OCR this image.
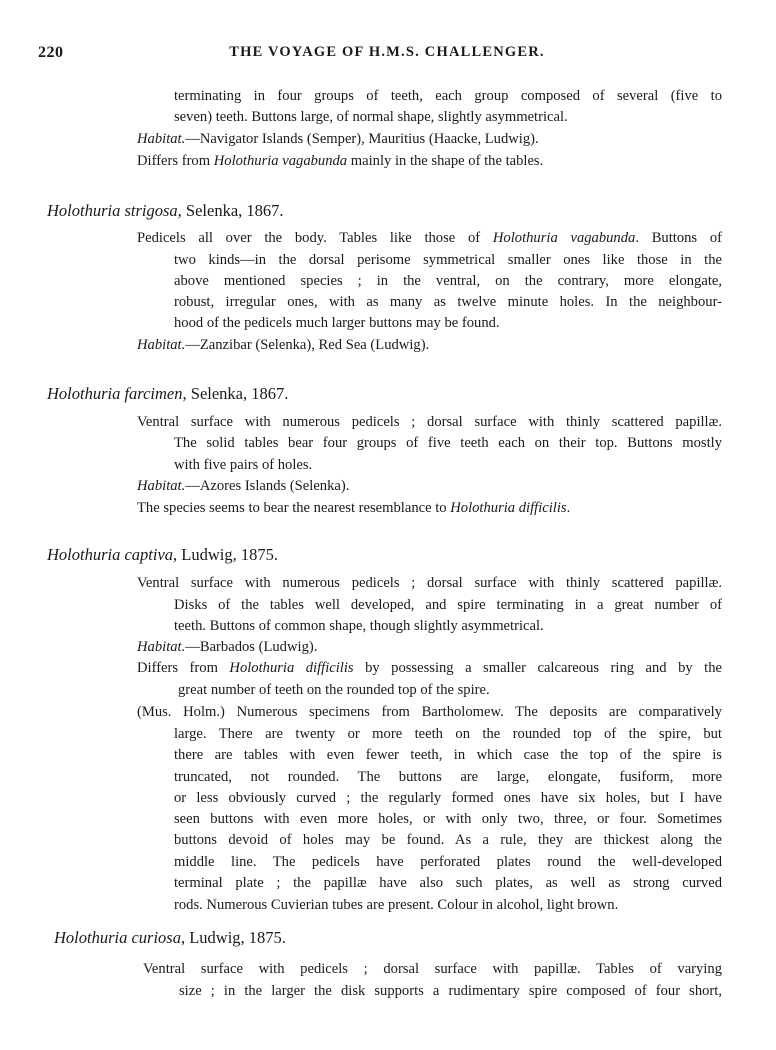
220	THE VOYAGE OF H.M.S. CHALLENGER.
terminating in four groups of teeth, each group composed of several (five to
seven) teeth. Buttons large, of normal shape, slightly asymmetrical.
Habitat.—Navigator Islands (Semper), Mauritius (Haacke, Ludwig).
Differs from Holothuria vagabunda mainly in the shape of the tables.
Holothuria strigosa, Selenka, 1867.
Pedicels all over the body. Tables like those of Holothuria vagabunda. Buttons of
two kinds—in the dorsal perisome symmetrical smaller ones like those in the
above mentioned species ; in the ventral, on the contrary, more elongate,
robust, irregular ones, with as many as twelve minute holes. In the neighbour-
hood of the pedicels much larger buttons may be found.
Habitat.—Zanzibar (Selenka), Red Sea (Ludwig).
Holothuria farcimen, Selenka, 1867.
Ventral surface with numerous pedicels ; dorsal surface with thinly scattered papillæ.
The solid tables bear four groups of five teeth each on their top. Buttons mostly
with five pairs of holes.
Habitat.—Azores Islands (Selenka).
The species seems to bear the nearest resemblance to Holothuria difficilis.
Holothuria captiva, Ludwig, 1875.
Ventral surface with numerous pedicels ; dorsal surface with thinly scattered papillæ.
Disks of the tables well developed, and spire terminating in a great number of
teeth. Buttons of common shape, though slightly asymmetrical.
Habitat.—Barbados (Ludwig).
Differs from Holothuria difficilis by possessing a smaller calcareous ring and by the
great number of teeth on the rounded top of the spire.
(Mus. Holm.) Numerous specimens from Bartholomew. The deposits are comparatively
large. There are twenty or more teeth on the rounded top of the spire, but
there are tables with even fewer teeth, in which case the top of the spire is
truncated, not rounded. The buttons are large, elongate, fusiform, more
or less obviously curved ; the regularly formed ones have six holes, but I have
seen buttons with even more holes, or with only two, three, or four. Sometimes
buttons devoid of holes may be found. As a rule, they are thickest along the
middle line. The pedicels have perforated plates round the well-developed
terminal plate ; the papillæ have also such plates, as well as strong curved
rods. Numerous Cuvierian tubes are present. Colour in alcohol, light brown.
Holothuria curiosa, Ludwig, 1875.
Ventral surface with pedicels ; dorsal surface with papillæ. Tables of varying
size ; in the larger the disk supports a rudimentary spire composed of four short,
